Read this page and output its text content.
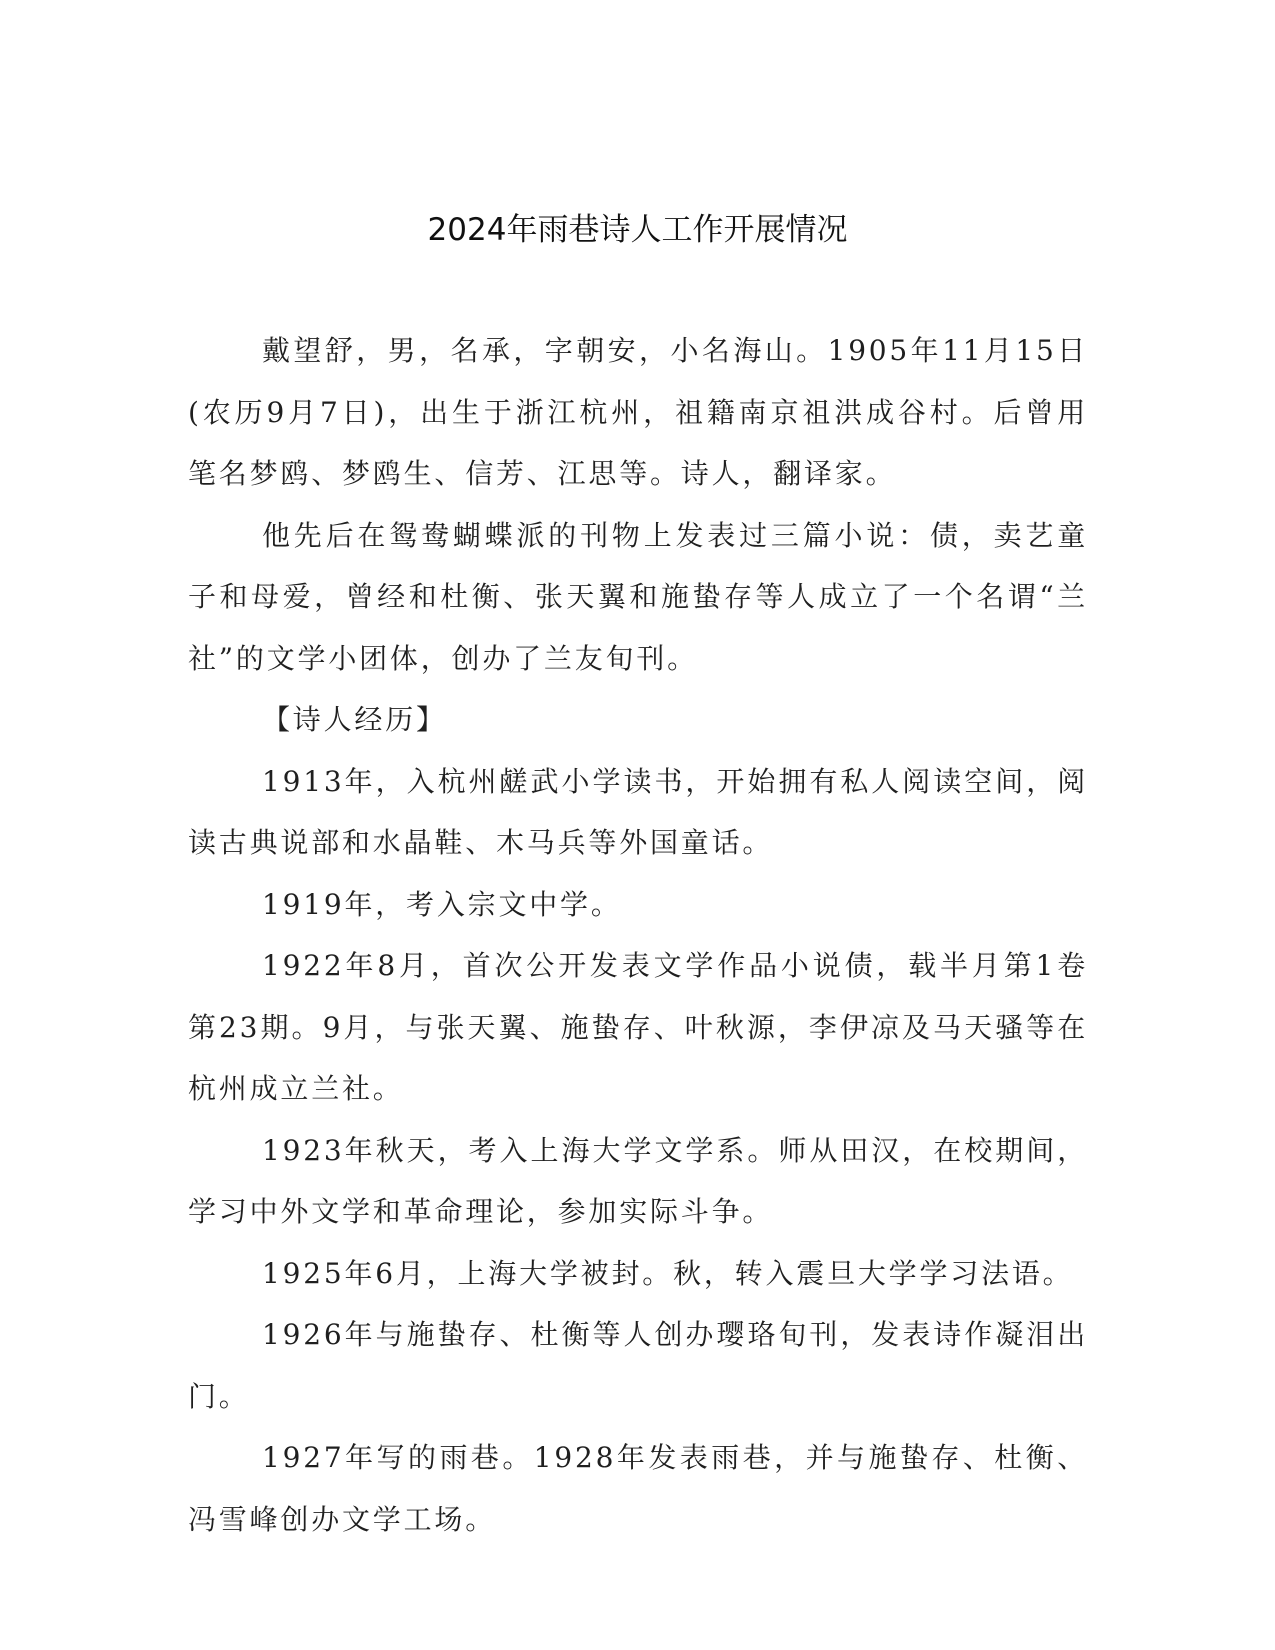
2024年雨巷诗人工作开展情况

戴望舒，男，名承，字朝安，小名海山。1905年11月15日(农历9月7日)，出生于浙江杭州，祖籍南京祖洪成谷村。后曾用笔名梦鸥、梦鸥生、信芳、江思等。诗人，翻译家。

他先后在鸳鸯蝴蝶派的刊物上发表过三篇小说：债，卖艺童子和母爱，曾经和杜衡、张天翼和施蛰存等人成立了一个名谓“兰社”的文学小团体，创办了兰友旬刊。

【诗人经历】

1913年，入杭州鹾武小学读书，开始拥有私人阅读空间，阅读古典说部和水晶鞋、木马兵等外国童话。

1919年，考入宗文中学。

1922年8月，首次公开发表文学作品小说债，载半月第1卷第23期。9月，与张天翼、施蛰存、叶秋源，李伊凉及马天骚等在杭州成立兰社。

1923年秋天，考入上海大学文学系。师从田汉，在校期间，学习中外文学和革命理论，参加实际斗争。

1925年6月，上海大学被封。秋，转入震旦大学学习法语。

1926年与施蛰存、杜衡等人创办璎珞旬刊，发表诗作凝泪出门。

1927年写的雨巷。1928年发表雨巷，并与施蛰存、杜衡、冯雪峰创办文学工场。
